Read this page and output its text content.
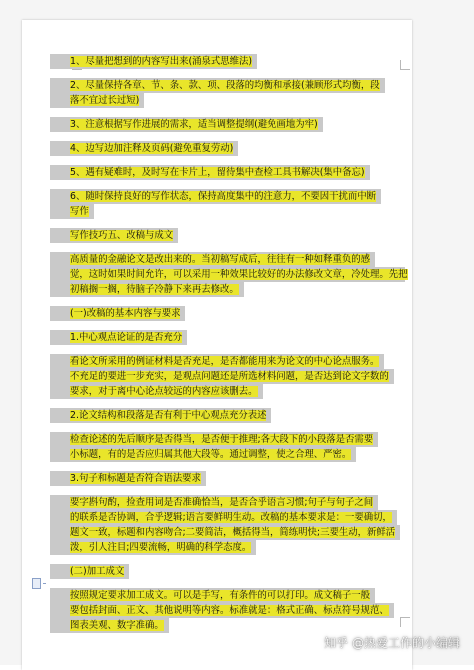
1、尽量把想到的内容写出来(涌泉式思维法)
2、尽量保持各章、节、条、款、项、段落的均衡和承接(兼顾形式均衡，段
落不宜过长过短)
3、注意根据写作进展的需求，适当调整提纲(避免画地为牢)
4、边写边加注释及页码(避免重复劳动)
5、遇有疑难时，及时写在卡片上，留待集中查检工具书解决(集中备忘)
6、随时保持良好的写作状态，保持高度集中的注意力，不要因干扰而中断
写作
写作技巧五、改稿与成文
高质量的金融论文是改出来的。当初稿写成后，往往有一种如释重负的感
觉，这时如果时间允许，可以采用一种效果比较好的办法修改文章，冷处理。先把
初稿搁一搁，待脑子冷静下来再去修改。
(一)改稿的基本内容与要求
1.中心观点论证的是否充分
看论文所采用的例证材料是否充足，是否都能用来为论文的中心论点服务。
不充足的要进一步充实，是观点问题还是所选材料问题，是否达到论文字数的
要求，对于离中心论点较远的内容应该删去。
2.论文结构和段落是否有利于中心观点充分表述
检查论述的先后顺序是否得当，是否便于推理;各大段下的小段落是否需要
小标题，有的是否应归属其他大段等。通过调整，使之合理、严密。
3.句子和标题是否符合语法要求
要字斟句酌，捡查用词是否准确恰当，是否合乎语言习惯;句子与句子之间
的联系是否协调，合乎逻辑;语言要鲜明生动。改稿的基本要求是：一要确切，
题文一致，标题和内容吻合;二要简洁，概括得当，简练明快;三要生动，新鲜活
泼，引人注目;四要流畅，明确的科学态度。
(二)加工成文
按照规定要求加工成文。可以是手写，有条件的可以打印。成文稿子一般
要包括封面、正文、其他说明等内容。标准就是：格式正确、标点符号规范、
图表美观、数字准确。
知乎 @热爱工作的小编辑
